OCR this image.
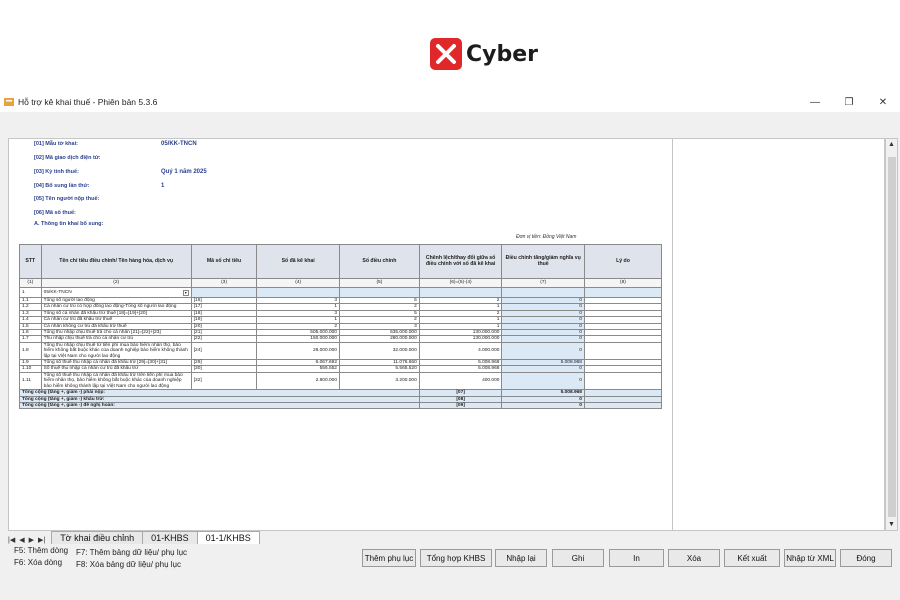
Cyber
Hỗ trợ kê khai thuế - Phiên bản 5.3.6	—	❐	✕
▲
▼
[01] Mẫu tờ khai:	05/KK-TNCN
[02] Mã giao dịch điện tử:
[03] Kỳ tính thuế:	Quý 1 năm 2025
[04] Bổ sung lần thứ:	1
[05] Tên người nộp thuế:
[06] Mã số thuế:
A. Thông tin khai bổ sung:
Đơn vị tiền: Đồng Việt Nam
STT	Tên chỉ tiêu điều chỉnh/ Tên hàng hóa, dịch vụ	Mã số chỉ tiêu	Số đã kê khai	Số điều chỉnh	Chênh lệch/thay đổi giữa số điều chỉnh với số đã kê khai	Điều chỉnh tăng/giảm nghĩa vụ thuế	Lý do
(1)	(2)	(3)	(4)	(5)	(6)=(5)-(4)	(7)	(8)
1	05/KK-TNCN ▾						

1.1	Tổng số người lao động	[16]	3	5	2	0	
1.2	Cá nhân cư trú có hợp đồng lao động-Tổng số người lao động	[17]	1	2	1	0	
1.3	Tổng số cá nhân đã khấu trừ thuế [18]=[19]+[20]	[18]	3	5	2	0	
1.4	Cá nhân cư trú đã khấu trừ thuế	[19]	1	2	1	0	
1.5	Cá nhân không cư trú đã khấu trừ thuế	[20]	2	3	1	0	
1.6	Tổng thu nhập chịu thuế trả cho cá nhân [21]=[22]+[23]	[21]	505.000.000	635.000.000	130.000.000	0	
1.7	Thu nhập chịu thuế trả cho cá nhân cư trú	[22]	150.000.000	280.000.000	130.000.000	0	
1.8	Tổng thu nhập chịu thuế từ tiền phí mua bảo hiểm nhân thọ, bảo hiểm không bắt buộc khác của doanh nghiệp bảo hiểm không thành lập tại Việt Nam cho người lao động	[24]	28.000.000	32.000.000	4.000.000	0	
1.9	Tổng số thuế thu nhập cá nhân đã khấu trừ [29]=[30]+[31]	[29]	6.067.692	11.076.660	5.008.968	5.008.968	
1.10	Số thuế thu nhập cá nhân cư trú đã khấu trừ	[30]	556.552	5.565.520	5.008.968	0	
1.11	Tổng số thuế thu nhập cá nhân đã khấu trừ trên tiền phí mua bảo hiểm nhân thọ, bảo hiểm không bắt buộc khác của doanh nghiệp bảo hiểm không thành lập tại Việt Nam cho người lao động	[32]	2.800.000	3.200.000	400.000	0	
Tổng cộng (tăng +, giảm -) phải nộp:					[07]	5.008.968	
Tổng cộng (tăng +, giảm -) khấu trừ:					[08]	0	
Tổng cộng (tăng +, giảm -) đề nghị hoàn:					[09]	0	
|◀ ◀ ▶ ▶|	Tờ khai điều chỉnh	01-KHBS	01-1/KHBS
F5: Thêm dòng
F6: Xóa dòng
F7: Thêm bảng dữ liệu/ phụ lục
F8: Xóa bảng dữ liệu/ phụ lục
Thêm phụ lục	Tổng hợp KHBS	Nhập lại	Ghi	In	Xóa	Kết xuất	Nhập từ XML	Đóng
